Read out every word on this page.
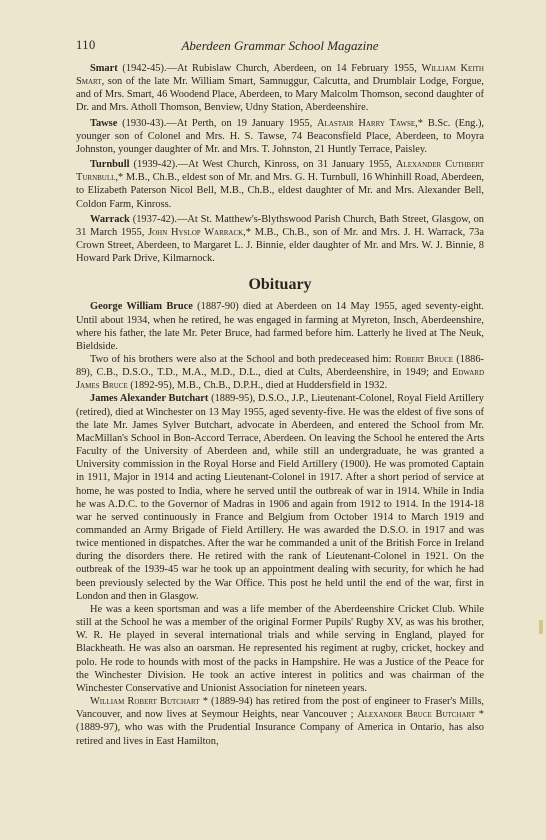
110	Aberdeen Grammar School Magazine

Smart (1942-45).—At Rubislaw Church, Aberdeen, on 14 February 1955, William Keith Smart, son of the late Mr. William Smart, Samnuggur, Calcutta, and Drumblair Lodge, Forgue, and of Mrs. Smart, 46 Woodend Place, Aberdeen, to Mary Malcolm Thomson, second daughter of Dr. and Mrs. Atholl Thomson, Benview, Udny Station, Aberdeenshire.

Tawse (1930-43).—At Perth, on 19 January 1955, Alastair Harry Tawse,* B.Sc. (Eng.), younger son of Colonel and Mrs. H. S. Tawse, 74 Beaconsfield Place, Aberdeen, to Moyra Johnston, younger daughter of Mr. and Mrs. T. Johnston, 21 Huntly Terrace, Paisley.

Turnbull (1939-42).—At West Church, Kinross, on 31 January 1955, Alexander Cuthbert Turnbull,* M.B., Ch.B., eldest son of Mr. and Mrs. G. H. Turnbull, 16 Whinhill Road, Aberdeen, to Elizabeth Paterson Nicol Bell, M.B., Ch.B., eldest daughter of Mr. and Mrs. Alexander Bell, Coldon Farm, Kinross.

Warrack (1937-42).—At St. Matthew's-Blythswood Parish Church, Bath Street, Glasgow, on 31 March 1955, John Hyslop Warrack,* M.B., Ch.B., son of Mr. and Mrs. J. H. Warrack, 73a Crown Street, Aberdeen, to Margaret L. J. Binnie, elder daughter of Mr. and Mrs. W. J. Binnie, 8 Howard Park Drive, Kilmarnock.

Obituary

George William Bruce (1887-90) died at Aberdeen on 14 May 1955, aged seventy-eight. Until about 1934, when he retired, he was engaged in farming at Myreton, Insch, Aberdeenshire, where his father, the late Mr. Peter Bruce, had farmed before him. Latterly he lived at The Neuk, Bieldside.

Two of his brothers were also at the School and both predeceased him: Robert Bruce (1886-89), C.B., D.S.O., T.D., M.A., M.D., D.L., died at Cults, Aberdeenshire, in 1949; and Edward James Bruce (1892-95), M.B., Ch.B., D.P.H., died at Huddersfield in 1932.

James Alexander Butchart (1889-95), D.S.O., J.P., Lieutenant-Colonel, Royal Field Artillery (retired), died at Winchester on 13 May 1955, aged seventy-five. He was the eldest of five sons of the late Mr. James Sylver Butchart, advocate in Aberdeen, and entered the School from Mr. MacMillan's School in Bon-Accord Terrace, Aberdeen. On leaving the School he entered the Arts Faculty of the University of Aberdeen and, while still an undergraduate, he was granted a University commission in the Royal Horse and Field Artillery (1900). He was promoted Captain in 1911, Major in 1914 and acting Lieutenant-Colonel in 1917. After a short period of service at home, he was posted to India, where he served until the outbreak of war in 1914. While in India he was A.D.C. to the Governor of Madras in 1906 and again from 1912 to 1914. In the 1914-18 war he served continuously in France and Belgium from October 1914 to March 1919 and commanded an Army Brigade of Field Artillery. He was awarded the D.S.O. in 1917 and was twice mentioned in dispatches. After the war he commanded a unit of the British Force in Ireland during the disorders there. He retired with the rank of Lieutenant-Colonel in 1921. On the outbreak of the 1939-45 war he took up an appointment dealing with security, for which he had been previously selected by the War Office. This post he held until the end of the war, first in London and then in Glasgow.

He was a keen sportsman and was a life member of the Aberdeenshire Cricket Club. While still at the School he was a member of the original Former Pupils' Rugby XV, as was his brother, W. R. He played in several international trials and while serving in England, played for Blackheath. He was also an oarsman. He represented his regiment at rugby, cricket, hockey and polo. He rode to hounds with most of the packs in Hampshire. He was a Justice of the Peace for the Winchester Division. He took an active interest in politics and was chairman of the Winchester Conservative and Unionist Association for nineteen years.

William Robert Butchart * (1889-94) has retired from the post of engineer to Fraser's Mills, Vancouver, and now lives at Seymour Heights, near Vancouver ; Alexander Bruce Butchart * (1889-97), who was with the Prudential Insurance Company of America in Ontario, has also retired and lives in East Hamilton,
